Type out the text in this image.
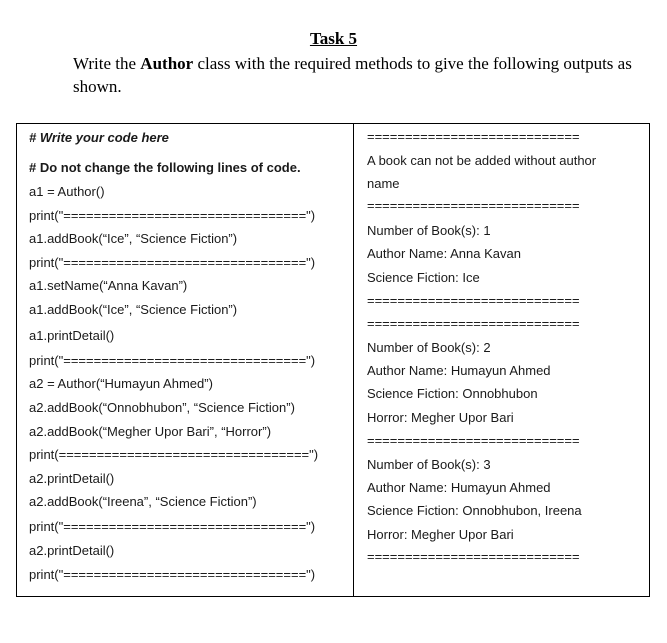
Task 5
Write the Author class with the required methods to give the following outputs as shown.
# Write your code here
# Do not change the following lines of code.
a1 = Author()
print("================================")
a1.addBook(“Ice”, “Science Fiction”)
print("================================")
a1.setName(“Anna Kavan”)
a1.addBook(“Ice”, “Science Fiction”)
a1.printDetail()
print("================================")
a2 = Author(“Humayun Ahmed”)
a2.addBook(“Onnobhubon”, “Science Fiction”)
a2.addBook(“Megher Upor Bari”, “Horror”)
print(=================================")
a2.printDetail()
a2.addBook(“Ireena”, “Science Fiction”)
print("================================")
a2.printDetail()
print("================================")
============================
A book can not be added without author
name
============================
Number of Book(s): 1
Author Name: Anna Kavan
Science Fiction: Ice
============================
============================
Number of Book(s): 2
Author Name: Humayun Ahmed
Science Fiction: Onnobhubon
Horror: Megher Upor Bari
============================
Number of Book(s): 3
Author Name: Humayun Ahmed
Science Fiction: Onnobhubon, Ireena
Horror: Megher Upor Bari
============================
